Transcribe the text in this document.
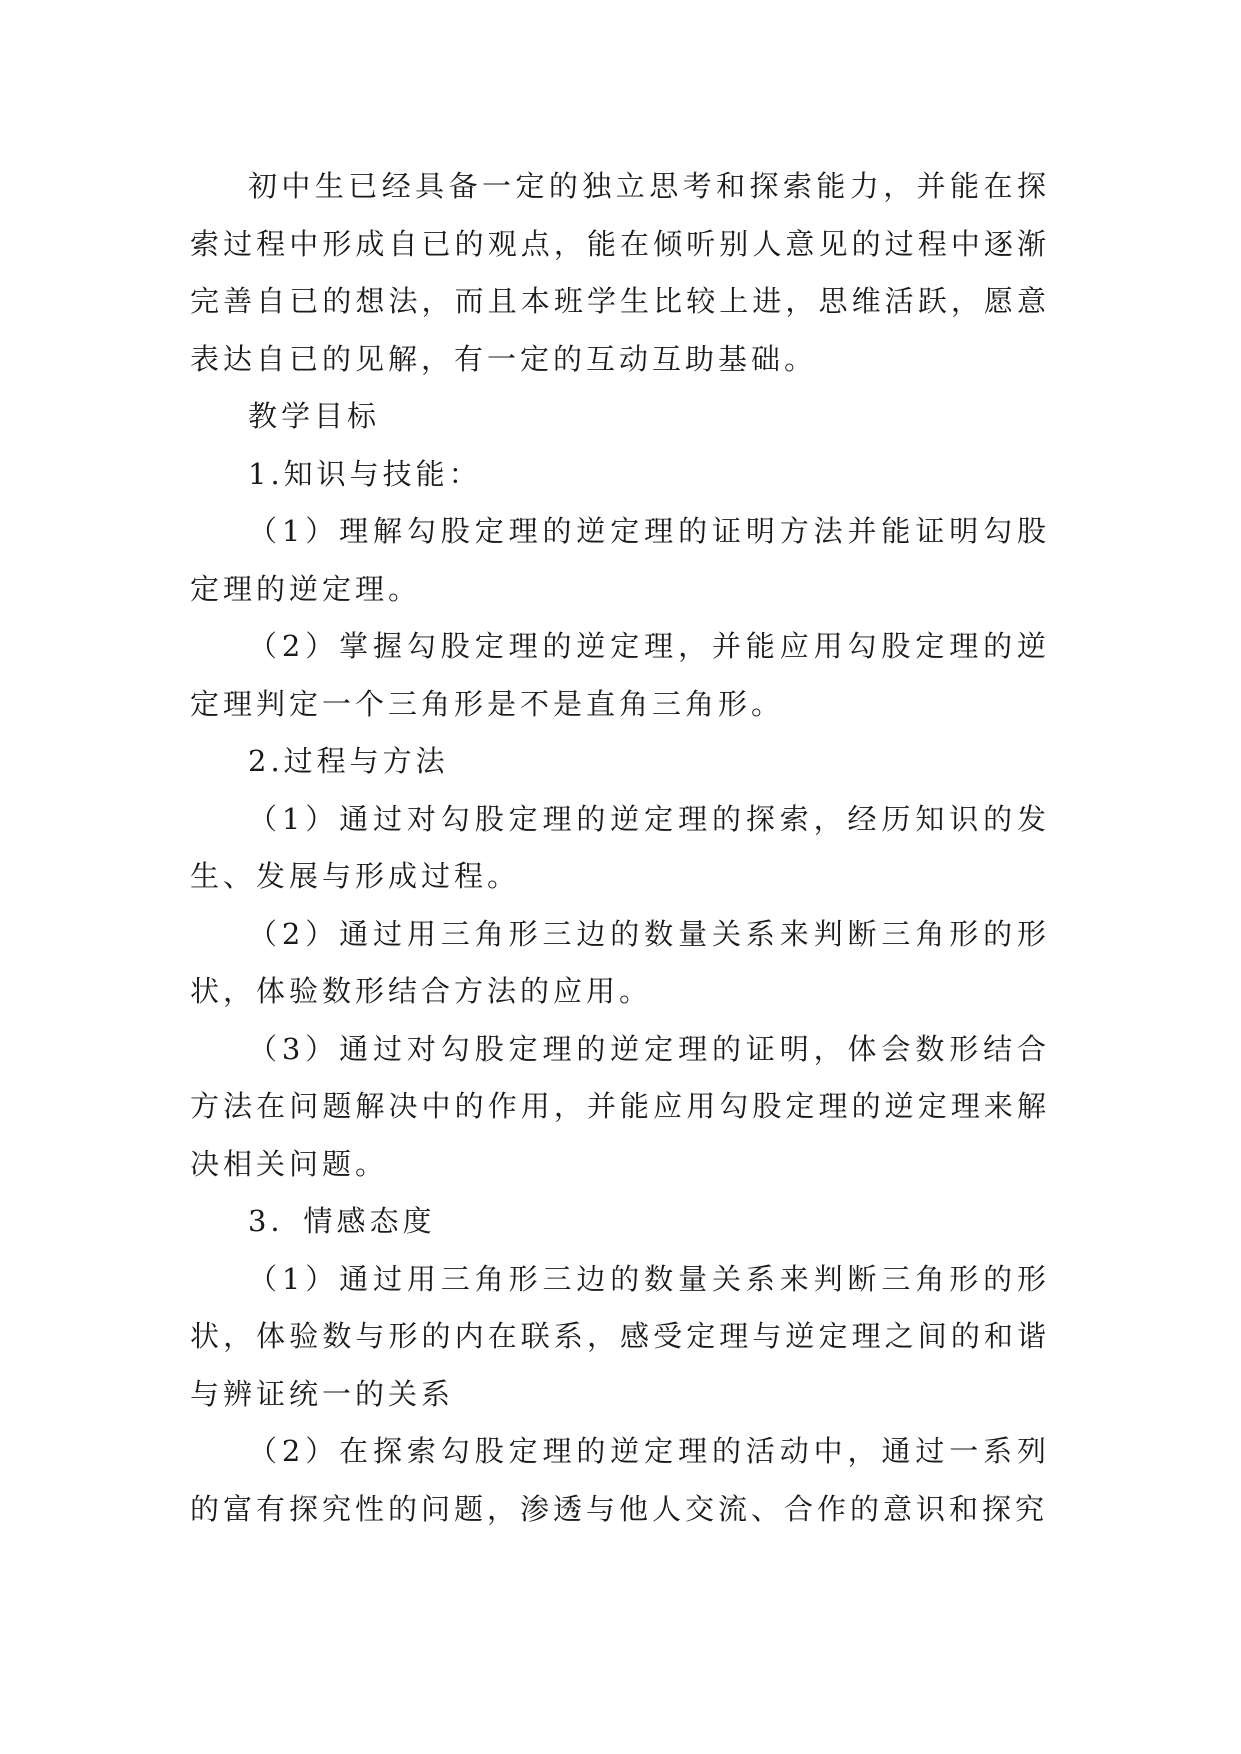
初中生已经具备一定的独立思考和探索能力，并能在探索过程中形成自已的观点，能在倾听别人意见的过程中逐渐完善自已的想法，而且本班学生比较上进，思维活跃，愿意表达自已的见解，有一定的互动互助基础。

教学目标

1.知识与技能：

（1）理解勾股定理的逆定理的证明方法并能证明勾股定理的逆定理。

（2）掌握勾股定理的逆定理，并能应用勾股定理的逆定理判定一个三角形是不是直角三角形。

2.过程与方法

（1）通过对勾股定理的逆定理的探索，经历知识的发生、发展与形成过程。

（2）通过用三角形三边的数量关系来判断三角形的形状，体验数形结合方法的应用。

（3）通过对勾股定理的逆定理的证明，体会数形结合方法在问题解决中的作用，并能应用勾股定理的逆定理来解决相关问题。

3．情感态度

（1）通过用三角形三边的数量关系来判断三角形的形状，体验数与形的内在联系，感受定理与逆定理之间的和谐与辨证统一的关系

（2）在探索勾股定理的逆定理的活动中，通过一系列的富有探究性的问题，渗透与他人交流、合作的意识和探究
